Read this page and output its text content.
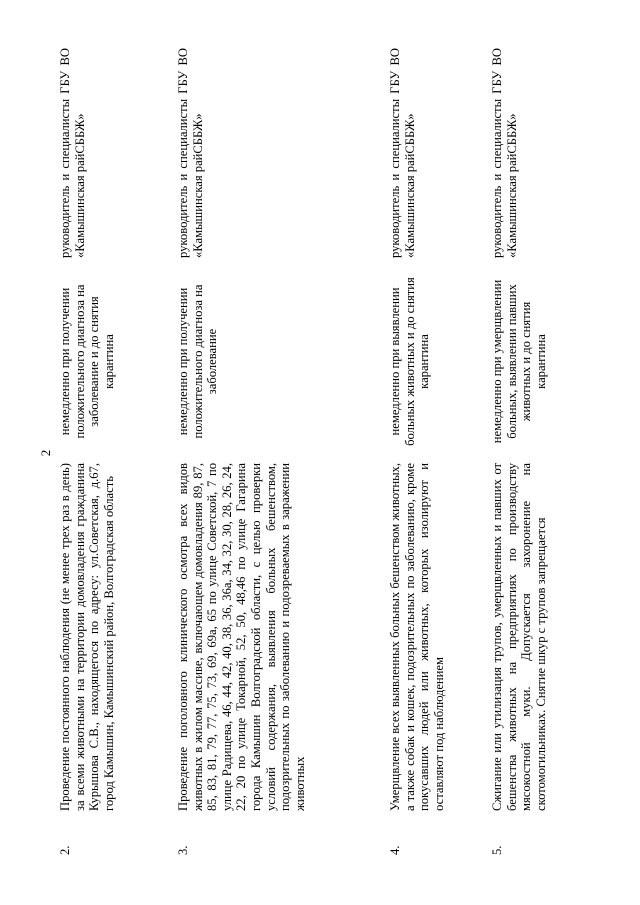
2
2.	Проведение постоянного наблюдения (не менее трех раз в день) за всеми животными на территории домовладения гражданина Курышова С.В., находящегося по адресу: ул.Советская, д.67, город Камышин, Камышинский район, Волгоградская область	немедленно при получении положительного диагноза на заболевание и до снятия карантина	руководитель и специалисты ГБУ ВО «Камышинская райСББЖ»
3.	Проведение поголовного клинического осмотра всех видов животных в жилом массиве, включающем домовладения 89, 87, 85, 83, 81, 79, 77, 75, 73, 69, 69а, 65 по улице Советской, 7 по улице Радищева, 46, 44, 42, 40, 38, 36, 36а, 34, 32, 30, 28, 26, 24, 22, 20 по улице Токарной, 52, 50, 48,46 по улице Гагарина города Камышин Волгоградской области, с целью проверки условий содержания, выявления больных бешенством, подозрительных по заболеванию и подозреваемых в заражении животных	немедленно при получении положительного диагноза на заболевание	руководитель и специалисты ГБУ ВО «Камышинская райСББЖ»
4.	Умерщвление всех выявленных больных бешенством животных, а также собак и кошек, подозрительных по заболеванию, кроме покусавших людей или животных, которых изолируют и оставляют под наблюдением	немедленно при выявлении больных животных и до снятия карантина	руководитель и специалисты ГБУ ВО «Камышинская райСББЖ»
5.	Сжигание или утилизация трупов, умерщвленных и павших от бешенства животных на предприятиях по производству мясокостной муки. Допускается захоронение на скотомогильниках. Снятие шкур с трупов запрещается	немедленно при умерщвлении больных, выявлении павших животных и до снятия карантина	руководитель и специалисты ГБУ ВО «Камышинская райСББЖ»
